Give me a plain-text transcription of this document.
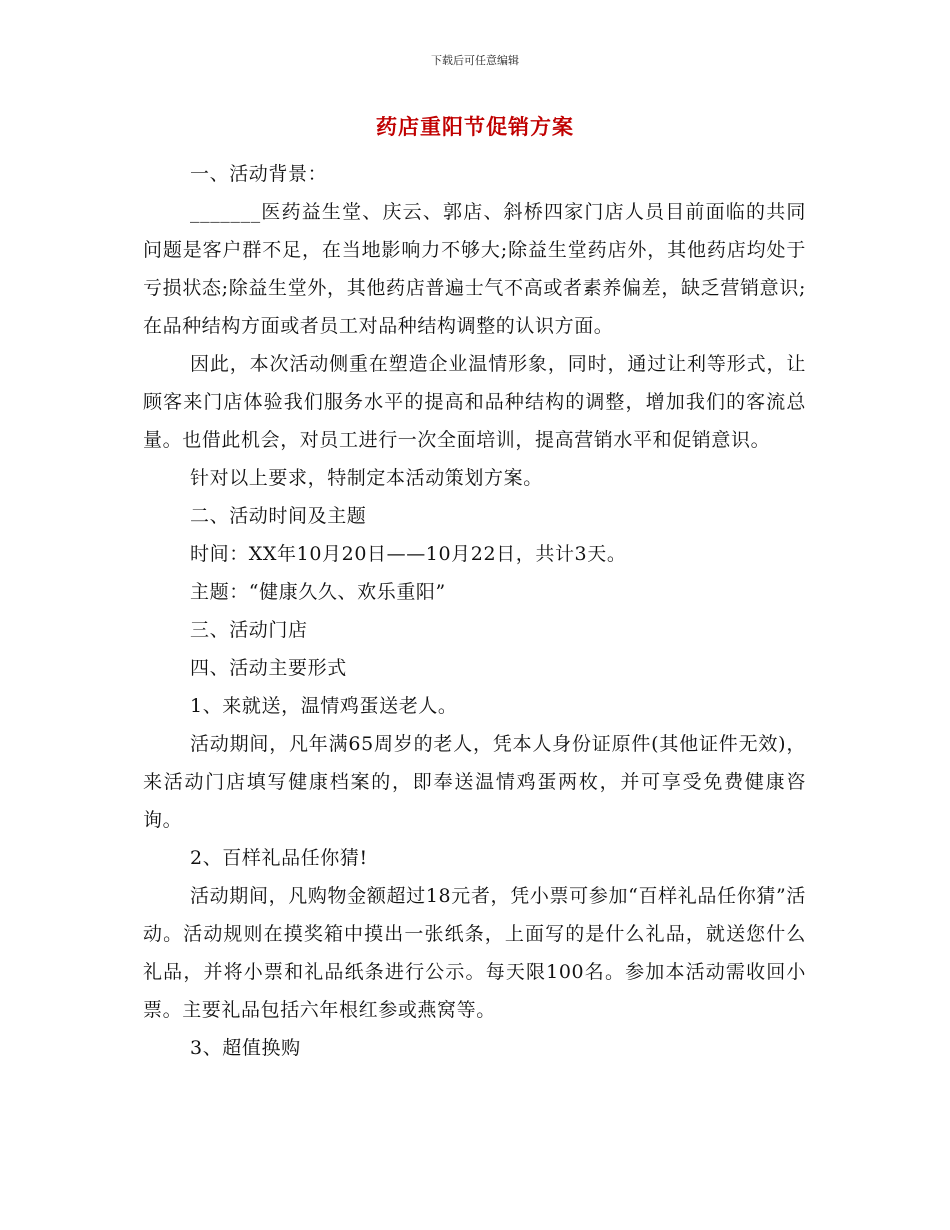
下载后可任意编辑
药店重阳节促销方案

一、活动背景：

_______医药益生堂、庆云、郭店、斜桥四家门店人员目前面临的共同问题是客户群不足，在当地影响力不够大;除益生堂药店外，其他药店均处于亏损状态;除益生堂外，其他药店普遍士气不高或者素养偏差，缺乏营销意识;在品种结构方面或者员工对品种结构调整的认识方面。

因此，本次活动侧重在塑造企业温情形象，同时，通过让利等形式，让顾客来门店体验我们服务水平的提高和品种结构的调整，增加我们的客流总量。也借此机会，对员工进行一次全面培训，提高营销水平和促销意识。

针对以上要求，特制定本活动策划方案。

二、活动时间及主题

时间：XX年10月20日——10月22日，共计3天。

主题：“健康久久、欢乐重阳”

三、活动门店

四、活动主要形式

1、来就送，温情鸡蛋送老人。

活动期间，凡年满65周岁的老人，凭本人身份证原件(其他证件无效)，来活动门店填写健康档案的，即奉送温情鸡蛋两枚，并可享受免费健康咨询。

2、百样礼品任你猜!

活动期间，凡购物金额超过18元者，凭小票可参加“百样礼品任你猜”活动。活动规则在摸奖箱中摸出一张纸条，上面写的是什么礼品，就送您什么礼品，并将小票和礼品纸条进行公示。每天限100名。参加本活动需收回小票。主要礼品包括六年根红参或燕窝等。

3、超值换购
